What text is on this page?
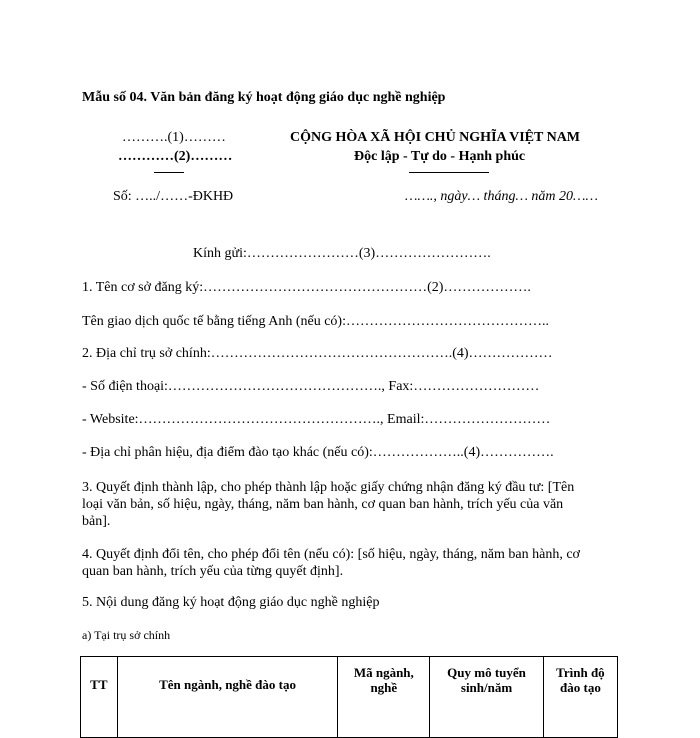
Mẫu số 04. Văn bản đăng ký hoạt động giáo dục nghề nghiệp
……….(1)………
…………(2)………
Số: …../……-ĐKHĐ
CỘNG HÒA XÃ HỘI CHỦ NGHĨA VIỆT NAM
Độc lập - Tự do - Hạnh phúc
……., ngày… tháng… năm 20……
Kính gửi:……………………(3)…………………….
1. Tên cơ sở đăng ký:…………………………………………(2)……………….
Tên giao dịch quốc tế bằng tiếng Anh (nếu có):……………………………………..
2. Địa chỉ trụ sở chính:…………………………………………….(4)………………
- Số điện thoại:………………………………………., Fax:………………………
- Website:……………………………………………., Email:………………………
- Địa chỉ phân hiệu, địa điểm đào tạo khác (nếu có):………………..(4)…………….
3. Quyết định thành lập, cho phép thành lập hoặc giấy chứng nhận đăng ký đầu tư: [Tên
loại văn bản, số hiệu, ngày, tháng, năm ban hành, cơ quan ban hành, trích yếu của văn
bản].
4. Quyết định đổi tên, cho phép đổi tên (nếu có): [số hiệu, ngày, tháng, năm ban hành, cơ
quan ban hành, trích yếu của từng quyết định].
5. Nội dung đăng ký hoạt động giáo dục nghề nghiệp
a) Tại trụ sở chính
TT	Tên ngành, nghề đào tạo	Mã ngành, nghề	Quy mô tuyển sinh/năm	Trình độ đào tạo
